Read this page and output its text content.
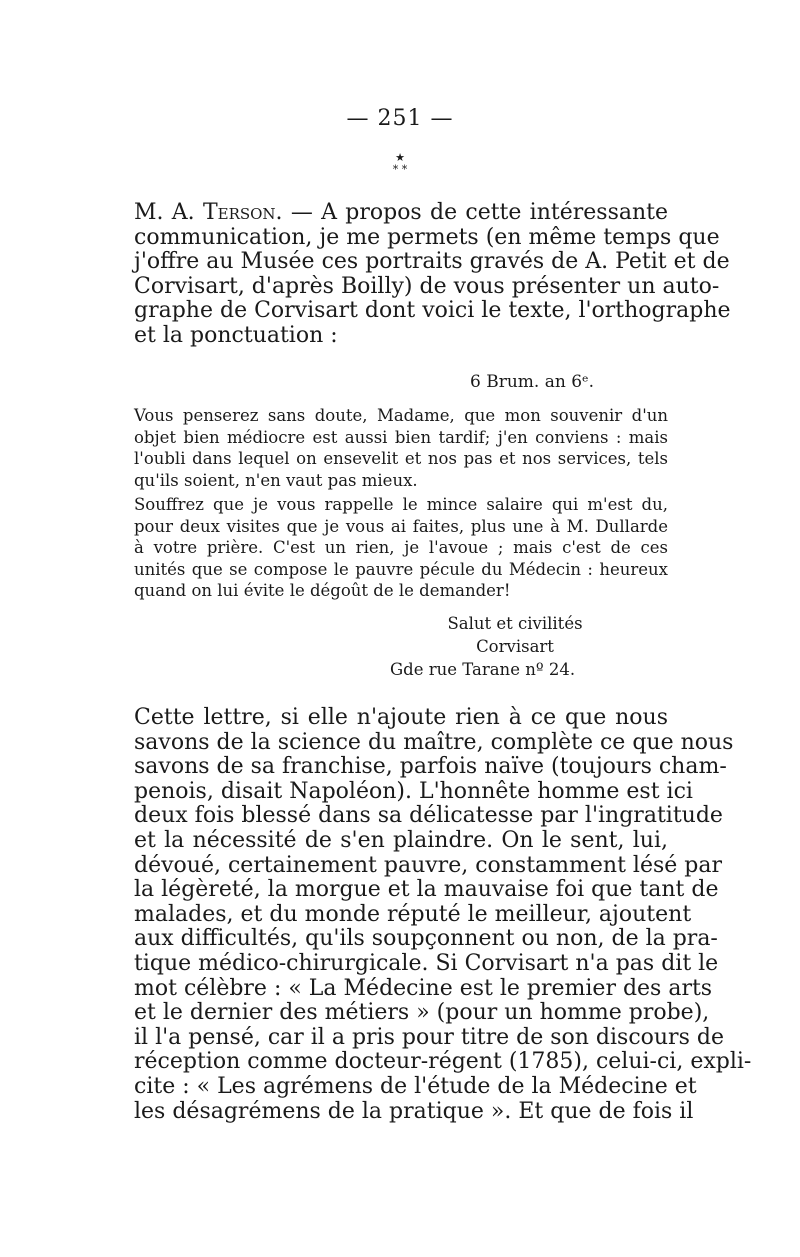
— 251 —
★
* *
M. A. Terson. — A propos de cette intéressante
communication, je me permets (en même temps que
j'offre au Musée ces portraits gravés de A. Petit et de
Corvisart, d'après Boilly) de vous présenter un auto-
graphe de Corvisart dont voici le texte, l'orthographe
et la ponctuation :
6 Brum. an 6ᵉ.
Vous penserez sans doute, Madame, que mon souvenir d'un
objet bien médiocre est aussi bien tardif; j'en conviens : mais
l'oubli dans lequel on ensevelit et nos pas et nos services, tels
qu'ils soient, n'en vaut pas mieux.
Souffrez que je vous rappelle le mince salaire qui m'est du,
pour deux visites que je vous ai faites, plus une à M. Dullarde
à votre prière. C'est un rien, je l'avoue ; mais c'est de ces
unités que se compose le pauvre pécule du Médecin : heureux
quand on lui évite le dégoût de le demander!
Salut et civilités
Corvisart
Gde rue Tarane nº 24.
Cette lettre, si elle n'ajoute rien à ce que nous
savons de la science du maître, complète ce que nous
savons de sa franchise, parfois naïve (toujours cham-
penois, disait Napoléon). L'honnête homme est ici
deux fois blessé dans sa délicatesse par l'ingratitude
et la nécessité de s'en plaindre. On le sent, lui,
dévoué, certainement pauvre, constamment lésé par
la légèreté, la morgue et la mauvaise foi que tant de
malades, et du monde réputé le meilleur, ajoutent
aux difficultés, qu'ils soupçonnent ou non, de la pra-
tique médico-chirurgicale. Si Corvisart n'a pas dit le
mot célèbre : « La Médecine est le premier des arts
et le dernier des métiers » (pour un homme probe),
il l'a pensé, car il a pris pour titre de son discours de
réception comme docteur-régent (1785), celui-ci, expli-
cite : « Les agrémens de l'étude de la Médecine et
les désagrémens de la pratique ». Et que de fois il
